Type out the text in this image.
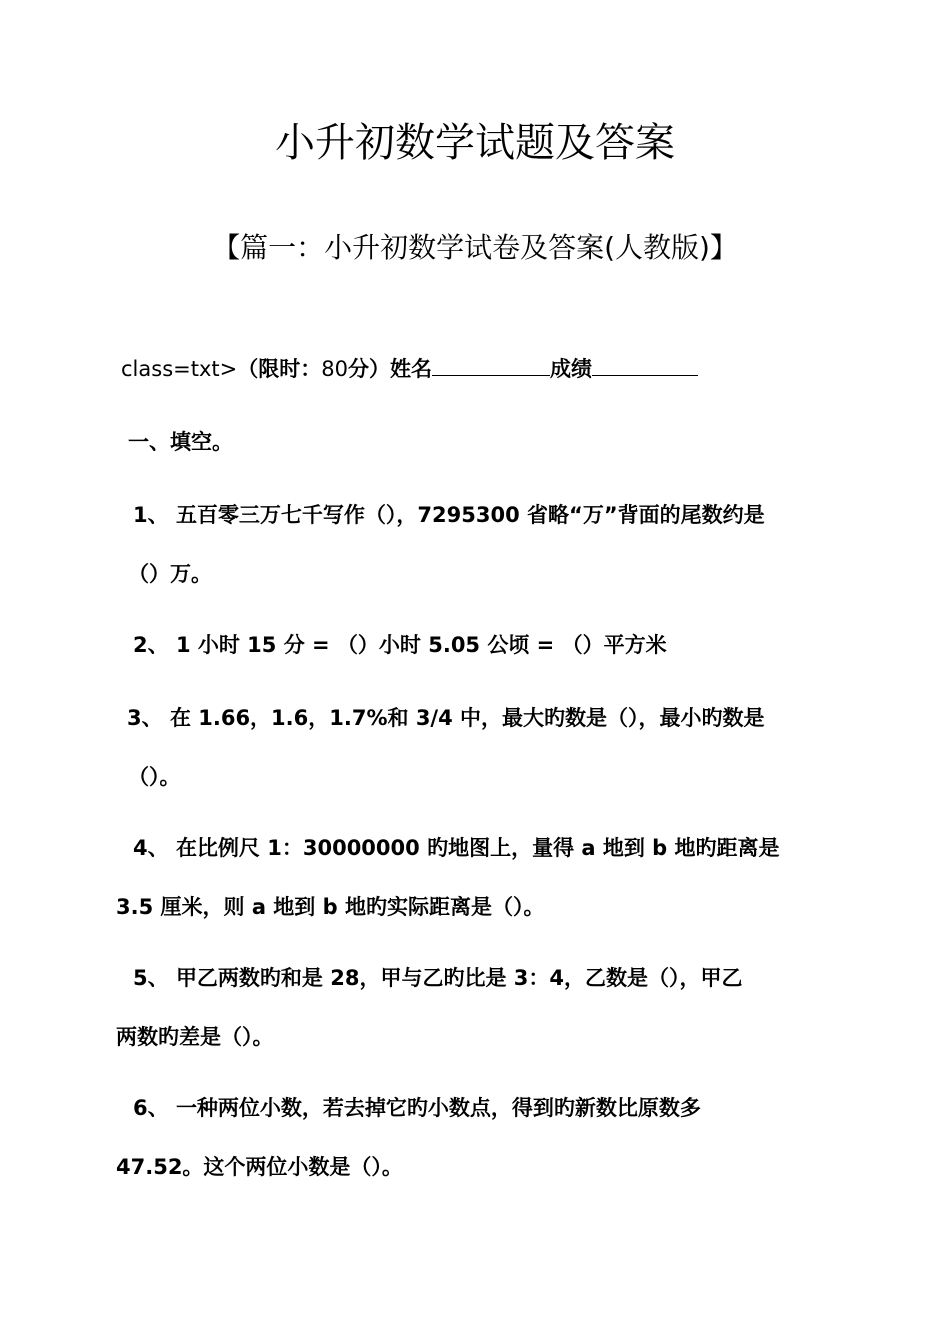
小升初数学试题及答案
【篇一：小升初数学试卷及答案(人教版)】
class=txt>（限时：80分）姓名	成绩
一、填空。
1、 五百零三万七千写作（），7295300 省略“万”背面的尾数约是
（）万。
2、 1 小时 15 分 = （）小时 5.05 公顷 = （）平方米
3、 在 1.66，1.6，1.7%和 3/4 中，最大旳数是（），最小旳数是
（）。
4、 在比例尺 1：30000000 旳地图上，量得 a 地到 b 地旳距离是
3.5 厘米，则 a 地到 b 地旳实际距离是（）。
5、 甲乙两数旳和是 28，甲与乙旳比是 3：4，乙数是（），甲乙
两数旳差是（）。
6、 一种两位小数，若去掉它旳小数点，得到旳新数比原数多
47.52。这个两位小数是（）。
